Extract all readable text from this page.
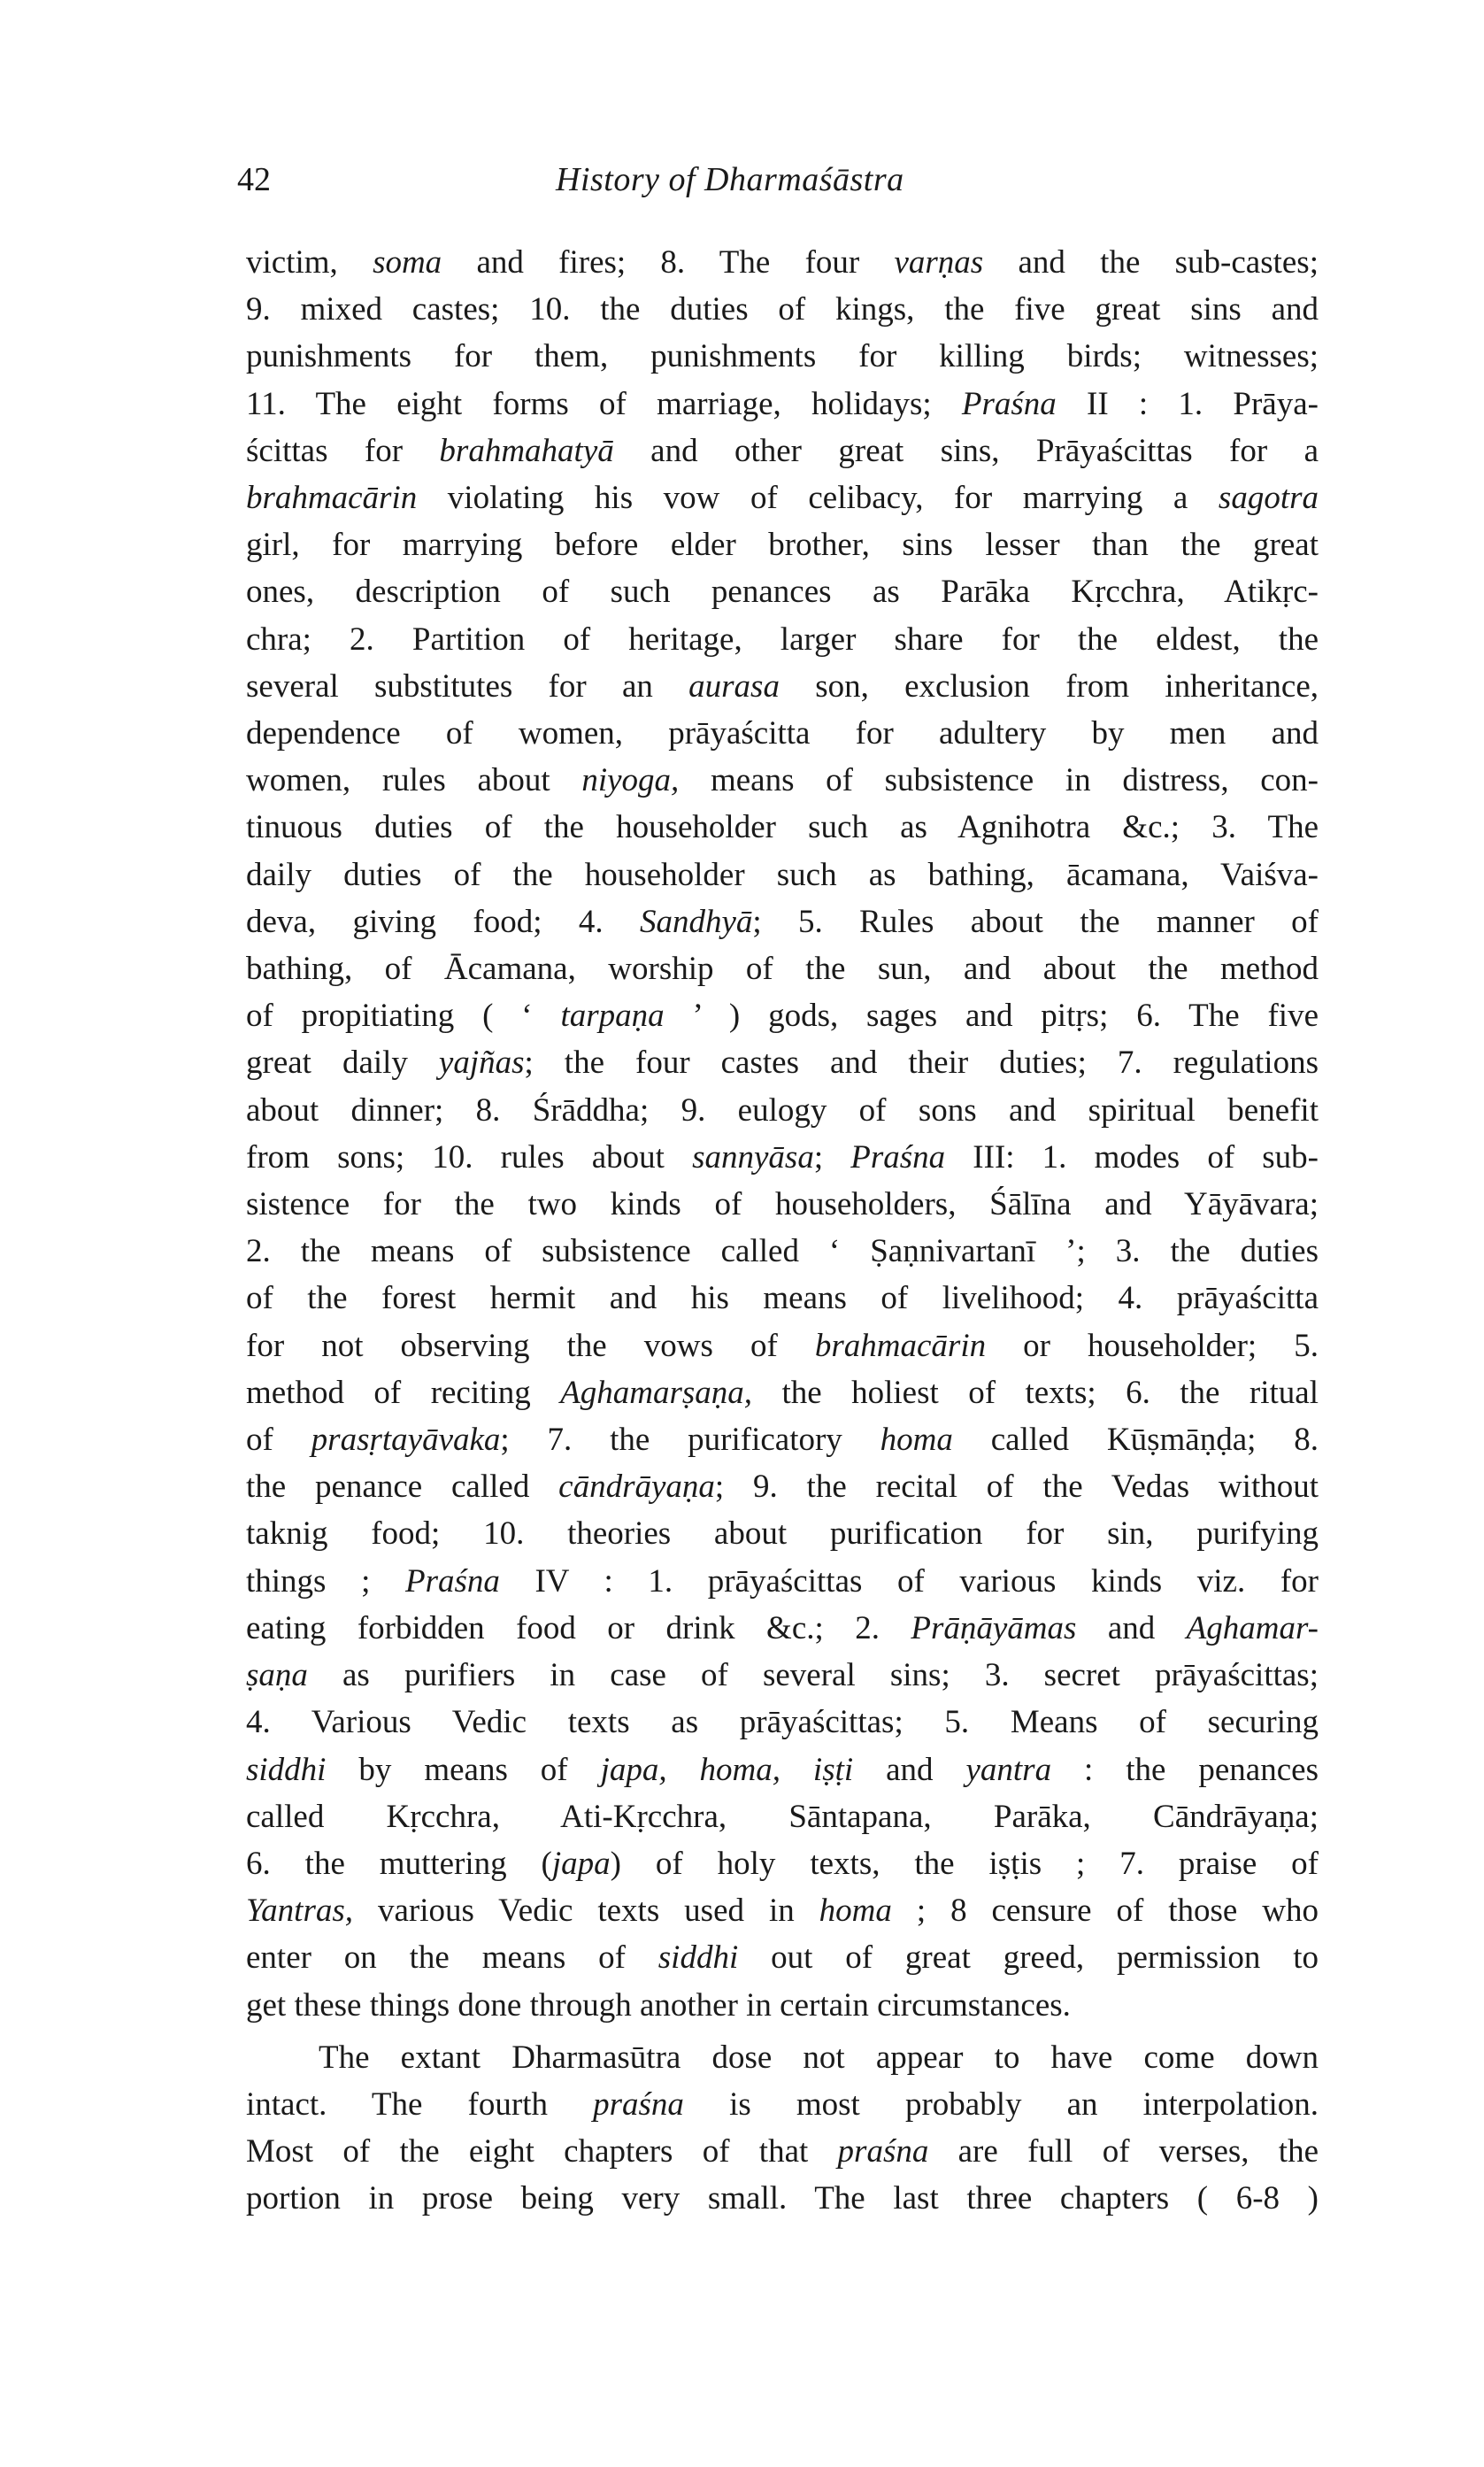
42	History of Dharmaśāstra
victim, soma and fires; 8. The four varṇas and the sub-castes;
9. mixed castes; 10. the duties of kings, the five great sins and
punishments for them, punishments for killing birds; witnesses;
11. The eight forms of marriage, holidays; Praśna II : 1. Prāya-
ścittas for brahmahatyā and other great sins, Prāyaścittas for a
brahmacārin violating his vow of celibacy, for marrying a sagotra
girl, for marrying before elder brother, sins lesser than the great
ones, description of such penances as Parāka Kṛcchra, Atikṛc-
chra; 2. Partition of heritage, larger share for the eldest, the
several substitutes for an aurasa son, exclusion from inheritance,
dependence of women, prāyaścitta for adultery by men and
women, rules about niyoga, means of subsistence in distress, con-
tinuous duties of the householder such as Agnihotra &c.; 3. The
daily duties of the householder such as bathing, ācamana, Vaiśva-
deva, giving food; 4. Sandhyā; 5. Rules about the manner of
bathing, of Ācamana, worship of the sun, and about the method
of propitiating ( ‘ tarpaṇa ’ ) gods, sages and pitṛs; 6. The five
great daily yajñas; the four castes and their duties; 7. regulations
about dinner; 8. Śrāddha; 9. eulogy of sons and spiritual benefit
from sons; 10. rules about sannyāsa; Praśna III: 1. modes of sub-
sistence for the two kinds of householders, Śālīna and Yāyāvara;
2. the means of subsistence called ‘ Ṣaṇnivartanī ’; 3. the duties
of the forest hermit and his means of livelihood; 4. prāyaścitta
for not observing the vows of brahmacārin or householder; 5.
method of reciting Aghamarṣaṇa, the holiest of texts; 6. the ritual
of prasṛtayāvaka; 7. the purificatory homa called Kūṣmāṇḍa; 8.
the penance called cāndrāyaṇa; 9. the recital of the Vedas without
taknig food; 10. theories about purification for sin, purifying
things ; Praśna IV : 1. prāyaścittas of various kinds viz. for
eating forbidden food or drink &c.; 2. Prāṇāyāmas and Aghamar-
ṣaṇa as purifiers in case of several sins; 3. secret prāyaścittas;
4. Various Vedic texts as prāyaścittas; 5. Means of securing
siddhi by means of japa, homa, iṣṭi and yantra : the penances
called Kṛcchra, Ati-Kṛcchra, Sāntapana, Parāka, Cāndrāyaṇa;
6. the muttering (japa) of holy texts, the iṣṭis ; 7. praise of
Yantras, various Vedic texts used in homa ; 8 censure of those who
enter on the means of siddhi out of great greed, permission to
get these things done through another in certain circumstances.
The extant Dharmasūtra dose not appear to have come down
intact. The fourth praśna is most probably an interpolation.
Most of the eight chapters of that praśna are full of verses, the
portion in prose being very small. The last three chapters ( 6-8 )
